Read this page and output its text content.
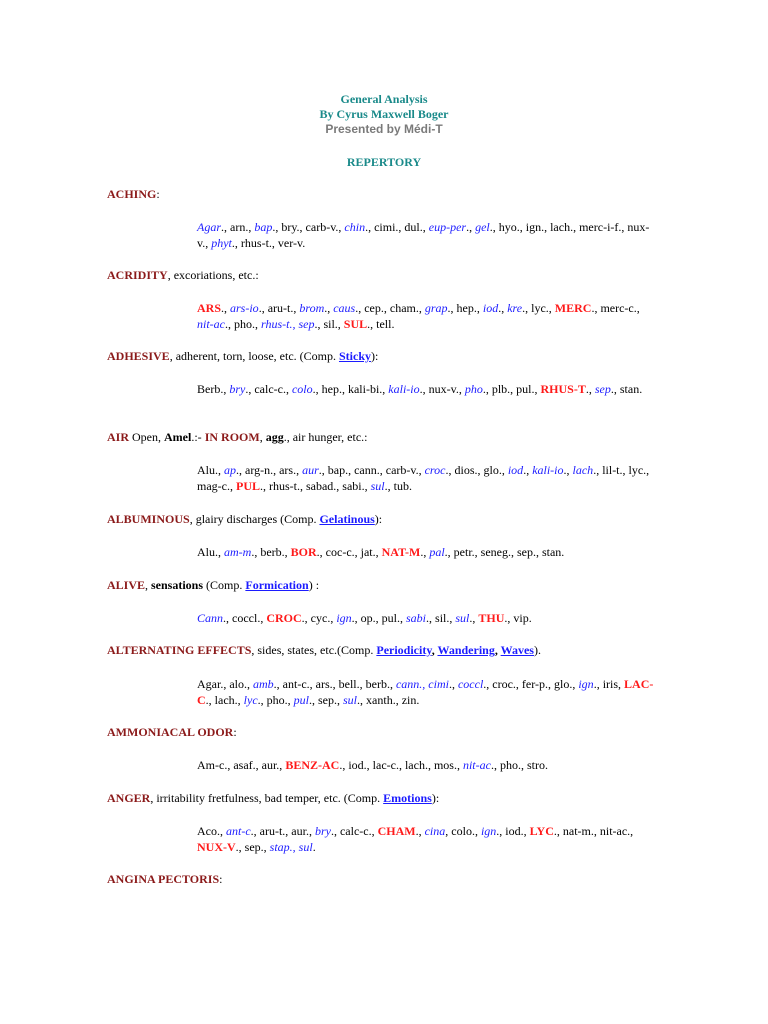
General Analysis
By Cyrus Maxwell Boger
Presented by Médi-T
REPERTORY
ACHING:
Agar., arn., bap., bry., carb-v., chin., cimi., dul., eup-per., gel., hyo., ign., lach., merc-i-f., nux-v., phyt., rhus-t., ver-v.
ACRIDITY, excoriations, etc.:
ARS., ars-io., aru-t., brom., caus., cep., cham., grap., hep., iod., kre., lyc., MERC., merc-c., nit-ac., pho., rhus-t., sep., sil., SUL., tell.
ADHESIVE, adherent, torn, loose, etc. (Comp. Sticky):
Berb., bry., calc-c., colo., hep., kali-bi., kali-io., nux-v., pho., plb., pul., RHUS-T., sep., stan.
AIR Open, Amel.:- IN ROOM, agg., air hunger, etc.:
Alu., ap., arg-n., ars., aur., bap., cann., carb-v., croc., dios., glo., iod., kali-io., lach., lil-t., lyc., mag-c., PUL., rhus-t., sabad., sabi., sul., tub.
ALBUMINOUS, glairy discharges (Comp. Gelatinous):
Alu., am-m., berb., BOR., coc-c., jat., NAT-M., pal., petr., seneg., sep., stan.
ALIVE, sensations (Comp. Formication) :
Cann., coccl., CROC., cyc., ign., op., pul., sabi., sil., sul., THU., vip.
ALTERNATING EFFECTS, sides, states, etc.(Comp. Periodicity, Wandering, Waves).
Agar., alo., amb., ant-c., ars., bell., berb., cann., cimi., coccl., croc., fer-p., glo., ign., iris, LAC-C., lach., lyc., pho., pul., sep., sul., xanth., zin.
AMMONIACAL ODOR:
Am-c., asaf., aur., BENZ-AC., iod., lac-c., lach., mos., nit-ac., pho., stro.
ANGER, irritability fretfulness, bad temper, etc. (Comp. Emotions):
Aco., ant-c., aru-t., aur., bry., calc-c., CHAM., cina, colo., ign., iod., LYC., nat-m., nit-ac., NUX-V., sep., stap., sul.
ANGINA PECTORIS:
